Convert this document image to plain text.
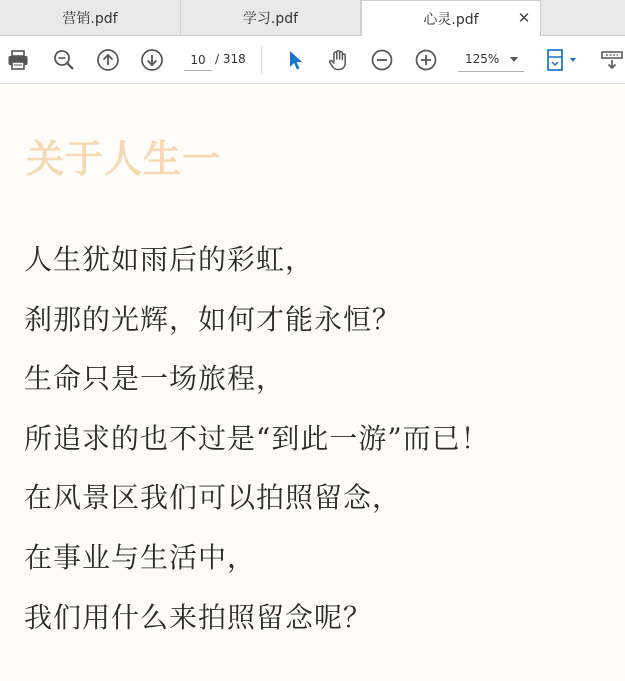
营销.pdf	学习.pdf	心灵.pdf	✕
10
/ 318	125%
关于人生一
人生犹如雨后的彩虹，
刹那的光辉，如何才能永恒？
生命只是一场旅程，
所追求的也不过是“到此一游”而已！
在风景区我们可以拍照留念，
在事业与生活中，
我们用什么来拍照留念呢？
